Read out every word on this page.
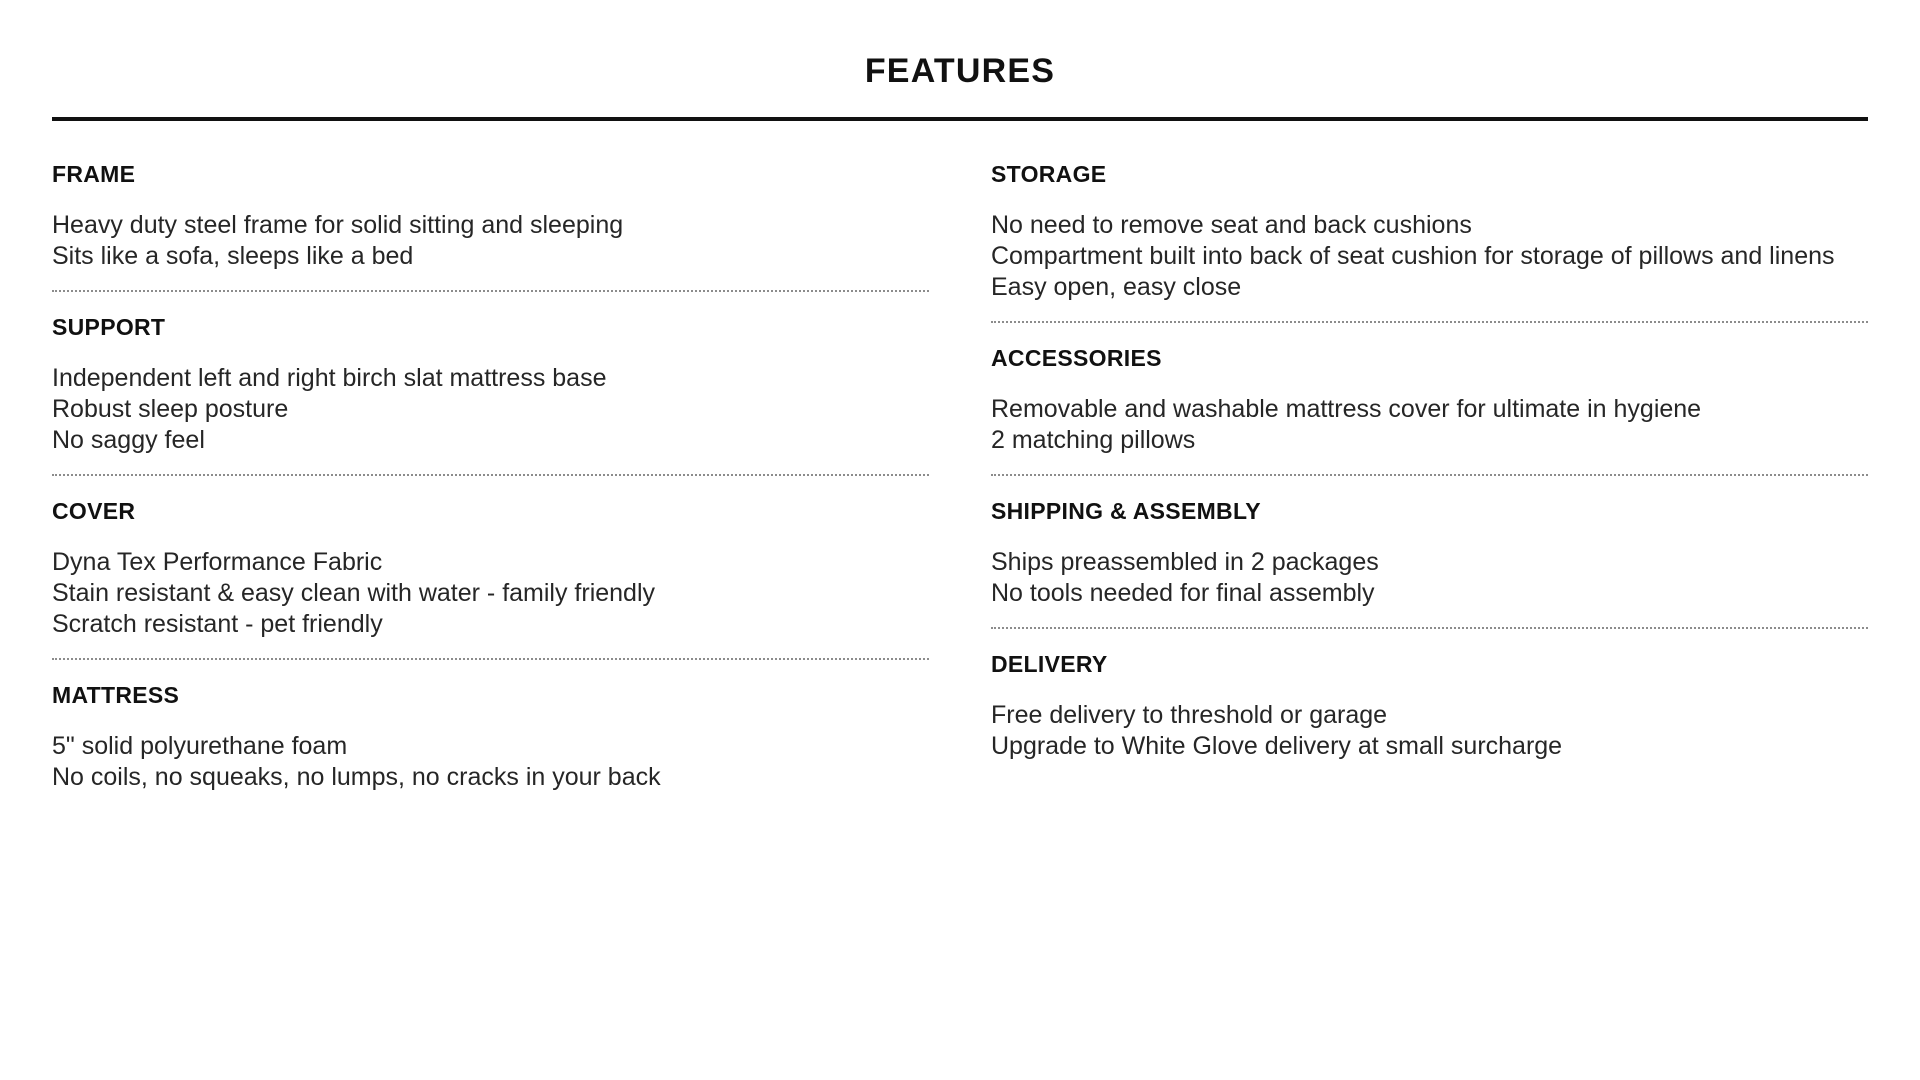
FEATURES
FRAME
Heavy duty steel frame for solid sitting and sleeping
Sits like a sofa, sleeps like a bed
SUPPORT
Independent left and right birch slat mattress base
Robust sleep posture
No saggy feel
COVER
Dyna Tex Performance Fabric
Stain resistant & easy clean with water - family friendly
Scratch resistant - pet friendly
MATTRESS
5" solid polyurethane foam
No coils, no squeaks, no lumps, no cracks in your back
STORAGE
No need to remove seat and back cushions
Compartment built into back of seat cushion for storage of pillows and linens
Easy open, easy close
ACCESSORIES
Removable and washable mattress cover for ultimate in hygiene
2 matching pillows
SHIPPING & ASSEMBLY
Ships preassembled in 2 packages
No tools needed for final assembly
DELIVERY
Free delivery to threshold or garage
Upgrade to White Glove delivery at small surcharge
